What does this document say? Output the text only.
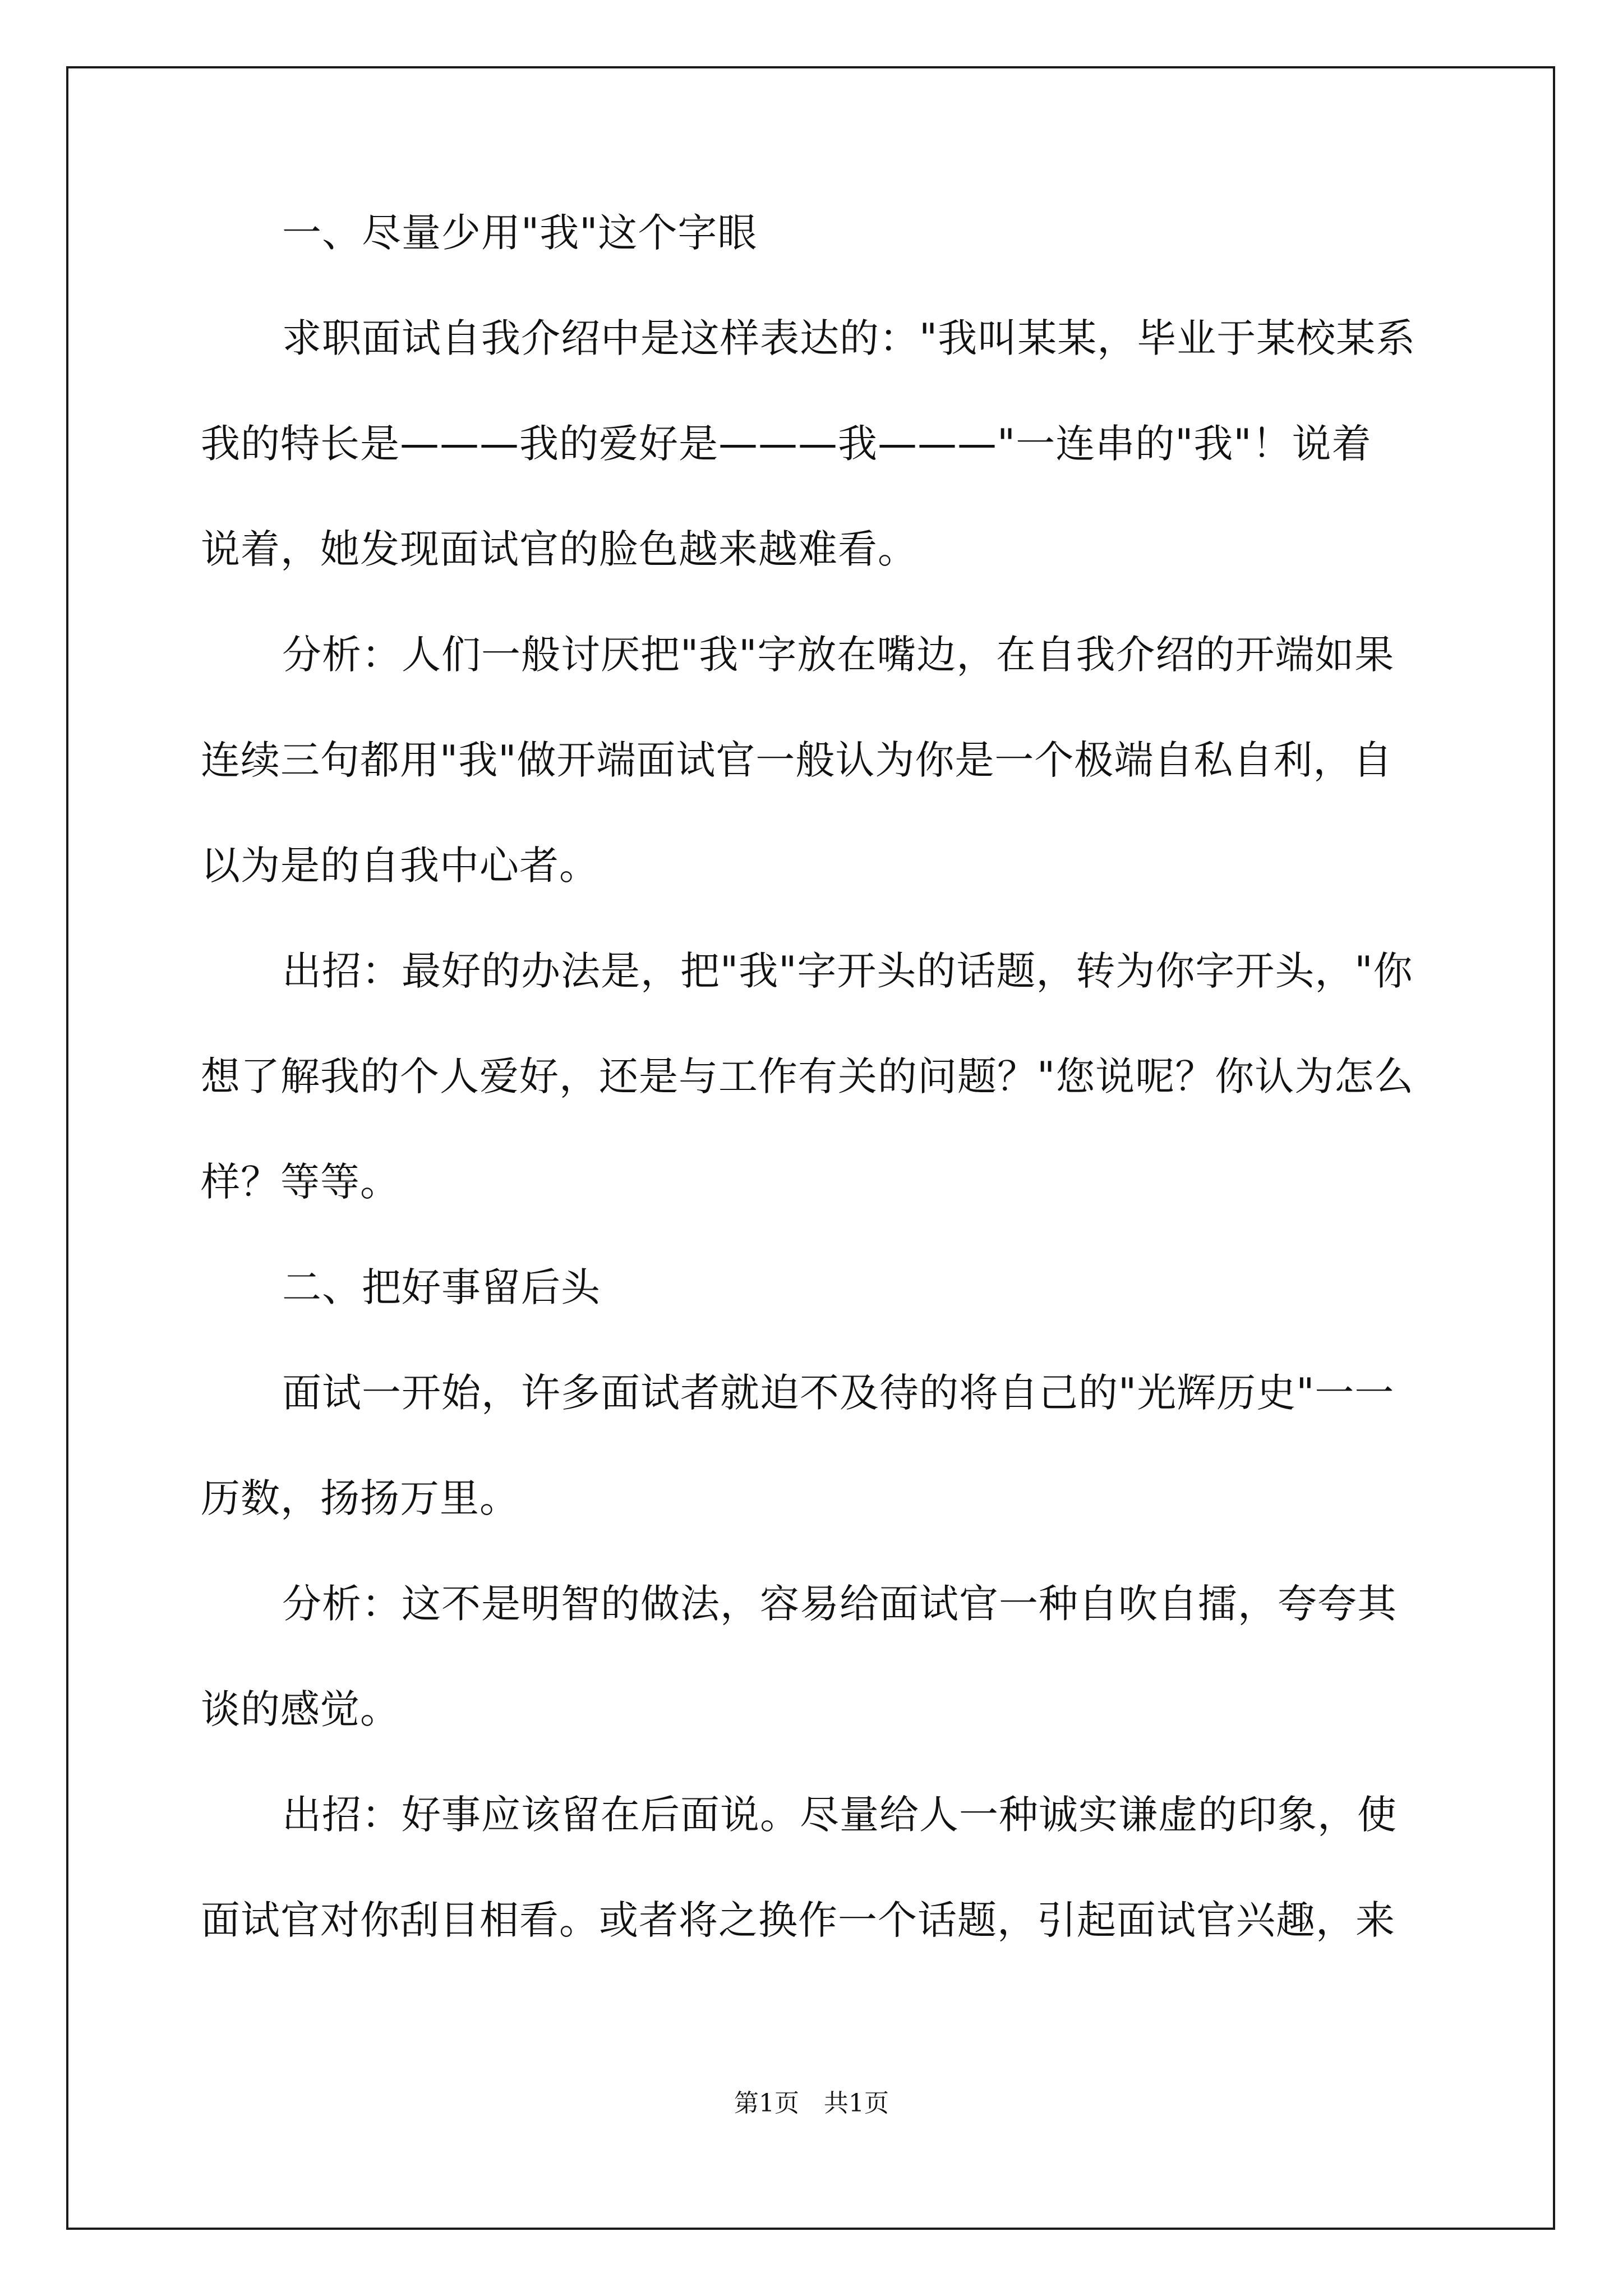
一、尽量少用"我"这个字眼
求职面试自我介绍中是这样表达的："我叫某某，毕业于某校某系
我的特长是———我的爱好是———我———"一连串的"我"！说着
说着，她发现面试官的脸色越来越难看。
分析：人们一般讨厌把"我"字放在嘴边，在自我介绍的开端如果
连续三句都用"我"做开端面试官一般认为你是一个极端自私自利，自
以为是的自我中心者。
出招：最好的办法是，把"我"字开头的话题，转为你字开头，"你
想了解我的个人爱好，还是与工作有关的问题？"您说呢？你认为怎么
样？等等。
二、把好事留后头
面试一开始，许多面试者就迫不及待的将自己的"光辉历史"一一
历数，扬扬万里。
分析：这不是明智的做法，容易给面试官一种自吹自擂，夸夸其
谈的感觉。
出招：好事应该留在后面说。尽量给人一种诚实谦虚的印象，使
面试官对你刮目相看。或者将之换作一个话题，引起面试官兴趣，来
第1页　共1页
